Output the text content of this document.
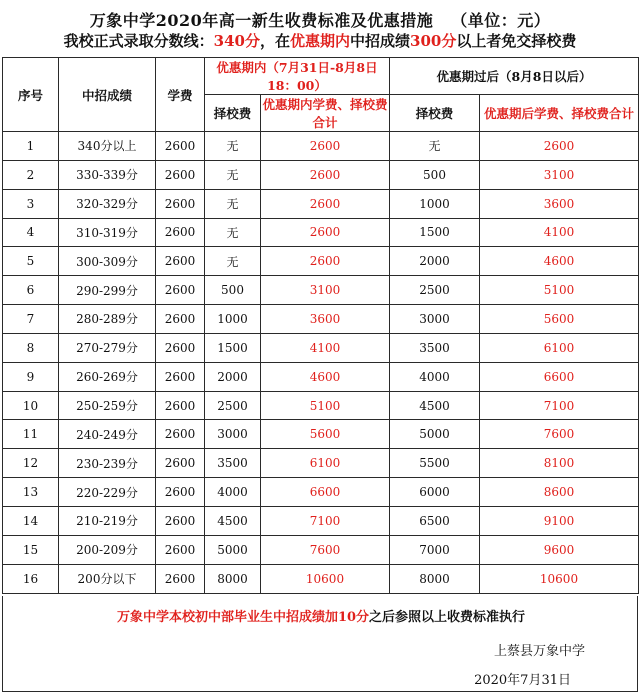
万象中学2020年高一新生收费标准及优惠措施 （单位：元）
我校正式录取分数线：340分，在优惠期内中招成绩300分以上者免交择校费
序号	中招成绩	学费	优惠期内（7月31日-8月8日18：00）		优惠期过后（8月8日以后）	
			择校费	优惠期内学费、择校费合计	择校费	优惠期后学费、择校费合计
1	340分以上	2600	无	2600	无	2600
2	330-339分	2600	无	2600	500	3100
3	320-329分	2600	无	2600	1000	3600
4	310-319分	2600	无	2600	1500	4100
5	300-309分	2600	无	2600	2000	4600
6	290-299分	2600	500	3100	2500	5100
7	280-289分	2600	1000	3600	3000	5600
8	270-279分	2600	1500	4100	3500	6100
9	260-269分	2600	2000	4600	4000	6600
10	250-259分	2600	2500	5100	4500	7100
11	240-249分	2600	3000	5600	5000	7600
12	230-239分	2600	3500	6100	5500	8100
13	220-229分	2600	4000	6600	6000	8600
14	210-219分	2600	4500	7100	6500	9100
15	200-209分	2600	5000	7600	7000	9600
16	200分以下	2600	8000	10600	8000	10600
万象中学本校初中部毕业生中招成绩加10分之后参照以上收费标准执行
上蔡县万象中学
2020年7月31日
